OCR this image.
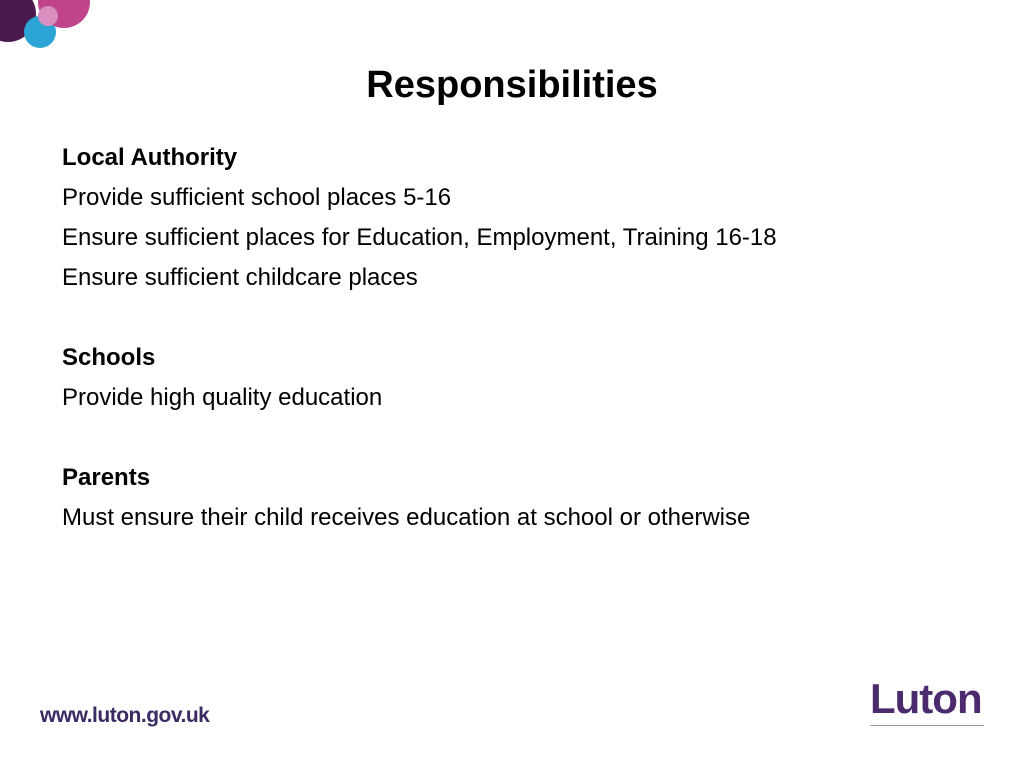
Responsibilities

Local Authority

Provide sufficient school places 5-16

Ensure sufficient places for Education, Employment, Training 16-18

Ensure sufficient childcare places

Schools

Provide high quality education

Parents

Must ensure their child receives education at school or otherwise

www.luton.gov.uk	Luton
